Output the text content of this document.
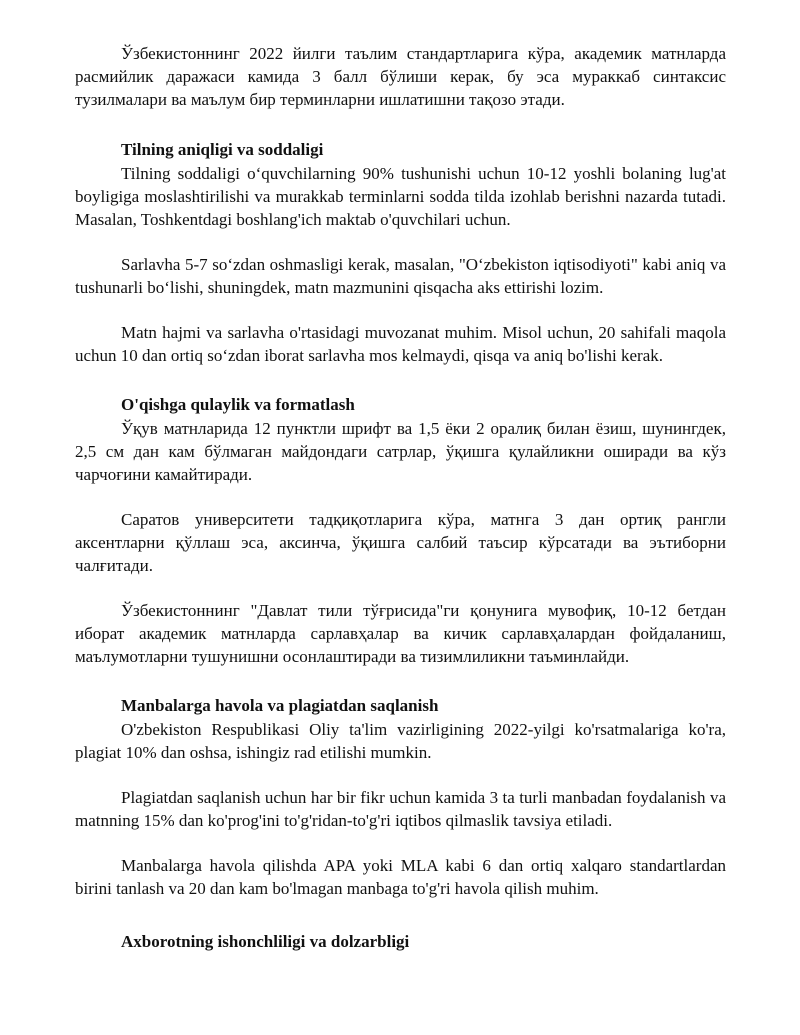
Ўзбекистоннинг 2022 йилги таълим стандартларига кўра, академик матнларда расмийлик даражаси камида 3 балл бўлиши керак, бу эса мураккаб синтаксис тузилмалари ва маълум бир терминларни ишлатишни тақозо этади.

Tilning aniqligi va soddaligi

Tilning soddaligi o‘quvchilarning 90% tushunishi uchun 10-12 yoshli bolaning lug'at boyligiga moslashtirilishi va murakkab terminlarni sodda tilda izohlab berishni nazarda tutadi. Masalan, Toshkentdagi boshlang'ich maktab o'quvchilari uchun.

Sarlavha 5-7 so‘zdan oshmasligi kerak, masalan, "O‘zbekiston iqtisodiyoti" kabi aniq va tushunarli bo‘lishi, shuningdek, matn mazmunini qisqacha aks ettirishi lozim.

Matn hajmi va sarlavha o'rtasidagi muvozanat muhim. Misol uchun, 20 sahifali maqola uchun 10 dan ortiq so‘zdan iborat sarlavha mos kelmaydi, qisqa va aniq bo'lishi kerak.

O'qishga qulaylik va formatlash

Ўқув матнларида 12 пунктли шрифт ва 1,5 ёки 2 оралиқ билан ёзиш, шунингдек, 2,5 см дан кам бўлмаган майдондаги сатрлар, ўқишга қулайликни оширади ва кўз чарчоғини камайтиради.

Саратов университети тадқиқотларига кўра, матнга 3 дан ортиқ рангли аксентларни қўллаш эса, аксинча, ўқишга салбий таъсир кўрсатади ва эътиборни чалғитади.

Ўзбекистоннинг "Давлат тили тўғрисида"ги қонунига мувофиқ, 10-12 бетдан иборат академик матнларда сарлавҳалар ва кичик сарлавҳалардан фойдаланиш, маълумотларни тушунишни осонлаштиради ва тизимлиликни таъминлайди.

Manbalarga havola va plagiatdan saqlanish

O'zbekiston Respublikasi Oliy ta'lim vazirligining 2022-yilgi ko'rsatmalariga ko'ra, plagiat 10% dan oshsa, ishingiz rad etilishi mumkin.

Plagiatdan saqlanish uchun har bir fikr uchun kamida 3 ta turli manbadan foydalanish va matnning 15% dan ko'prog'ini to'g'ridan-to'g'ri iqtibos qilmaslik tavsiya etiladi.

Manbalarga havola qilishda APA yoki MLA kabi 6 dan ortiq xalqaro standartlardan birini tanlash va 20 dan kam bo'lmagan manbaga to'g'ri havola qilish muhim.

Axborotning ishonchliligi va dolzarbligi
